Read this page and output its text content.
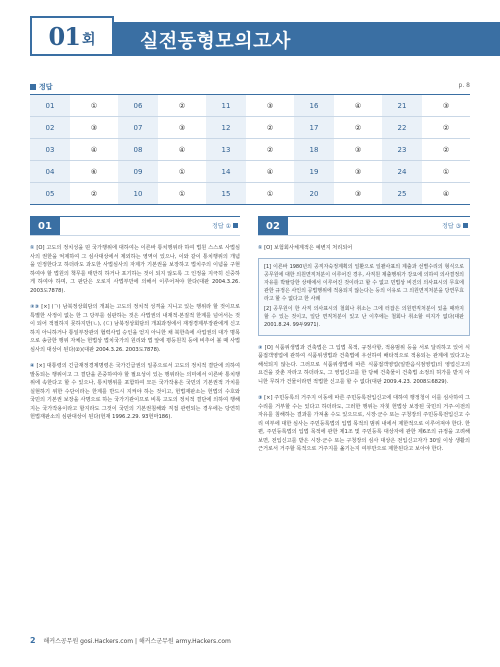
01 회 실전동형모의고사
정답	p. 8
01	①	06	②	11	③	16	④	21	③
02	③	07	③	12	②	17	②	22	②
03	④	08	④	13	②	18	③	23	②
04	⑥	09	①	14	④	19	③	24	①
05	②	10	①	15	①	20	③	25	④
01	정답 ①
① [O] 고도의 정치성을 띤 국가행위에 대하여는 이른바 통치행위라 하여 법원 스스로 사법심사의 권한을 억제하여 그 심사대상에서 제외하는 영역이 있으나, 이와 같이 통치행위의 개념을 인정한다고 하더라도 과도한 사법심사의 자제가 기본권을 보장하고 법치주의 이념을 구현하여야 할 법원의 책무를 태만히 하거나 포기하는 것이 되지 않도록 그 인정을 지극히 신중하게 하여야 하며, 그 판단은 오로지 사법부만에 의해서 이루어져야 한다(대판 2004.3.26. 2003도7878).
②③ [×] (ㄱ) 남북정상회담의 개최는 고도의 정치적 성격을 지니고 있는 행위라 할 것이므로 특별한 사정이 없는 한 그 당부를 심판하는 것은 사법권의 내재적·본질적 한계를 넘어서는 것이 되어 적절하지 못하지만(ㄴ), (ㄷ) 남북정상회담의 개최과정에서 재정경제부장관에게 신고하지 아니하거나 통일부장관의 협력사업 승인을 얻지 아니한 채 북한측에 사업권의 대가 명목으로 송금한 행위 자체는 헌법상 법치국가의 원리와 법 앞에 평등원칙 등에 비추어 볼 때 사법심사의 대상이 된다(②)(대판 2004.3.26. 2003도7878).
④ [×] 대통령의 긴급재정경제명령은 국가긴급권의 일종으로서 고도의 정치적 결단에 의하여 발동되는 행위이고 그 결단을 존중하여야 할 필요성이 있는 행위라는 의미에서 이른바 통치행위에 속한다고 할 수 있으나, 통치행위를 포함하여 모든 국가작용은 국민의 기본권적 가치를 실현하기 위한 수단이라는 한계를 반드시 지켜야 하는 것이고, 헌법재판소는 헌법의 수호와 국민의 기본권 보장을 사명으로 하는 국가기관이므로 비록 고도의 정치적 결단에 의하여 행해지는 국가작용이라고 할지라도 그것이 국민의 기본권침해와 직접 관련되는 경우에는 당연히 헌법재판소의 심판대상이 된다(헌재 1996.2.29. 93헌마186).
02	정답 ③
① [O] 보험회사체계적은 예변지 처리되어

[1] 이른바 1980년의 공직자숙정계획의 일환으로 일괄사표의 제출과 선별수리의 형식으로 공무원에 대한 의원면직처분이 이루어진 경우, 사직원 제출행위가 강요에 의하여 의사결정의 자유를 박탈당한 상태에서 이루어진 것이라고 할 수 없고 민법상 비진의 의사표시의 무효에 관한 규정은 사인의 공법행위에 적용되지 않는다는 등의 이유로 그 의원면직처분을 당연무효라고 할 수 없다고 한 사례

[2] 공무원이 한 사직 의사표시의 철회나 취소는 그에 터잡은 의원면직처분이 있을 때까지 할 수 있는 것이고, 일단 면직처분이 있고 난 이후에는 철회나 취소할 여지가 없다(대판 2001.8.24. 99두9971).

② [O] 식품위생법과 건축법은 그 입법 목적, 규정사항, 적용범위 등을 서로 달리하고 있어 식품접객영업에 관하여 식품위생법과 건축법에 우선하여 배타적으로 적용되는 관계에 있다고는 해석되지 않는다. 그러므로 식품위생법에 따른 식품접객영업(일반음식점영업)의 영업신고의 요건을 갖춘 자라고 하더라도, 그 영업신고를 한 당해 건축물이 건축법 소정의 허가를 받지 아니한 무허가 건물이라면 적법한 신고를 할 수 없다(대판 2009.4.23. 2008도6829).
③ [×] 주민등록의 거주지 이동에 따른 주민등록전입신고에 대하여 행정청이 이를 심사하여 그 수리를 거부할 수는 있다고 하더라도, 그러한 행위는 자칫 헌법상 보장된 국민의 거주·이전의 자유를 침해하는 결과를 가져올 수도 있으므로, 시장·군수 또는 구청장의 주민등록전입신고 수리 여부에 대한 심사는 주민등록법의 입법 목적의 범위 내에서 제한적으로 이루어져야 한다. 한편, 주민등록법의 입법 목적에 관한 제1조 및 주민등록 대상자에 관한 제6조의 규정을 고려해 보면, 전입신고를 받은 시장·군수 또는 구청장의 심사 대상은 전입신고자가 30일 이상 생활의 근거로서 거주할 목적으로 거주지를 옮기는지 여부만으로 제한된다고 보아야 한다.
2 해커스공무원 gosi.Hackers.com | 해커스군무원 army.Hackers.com
